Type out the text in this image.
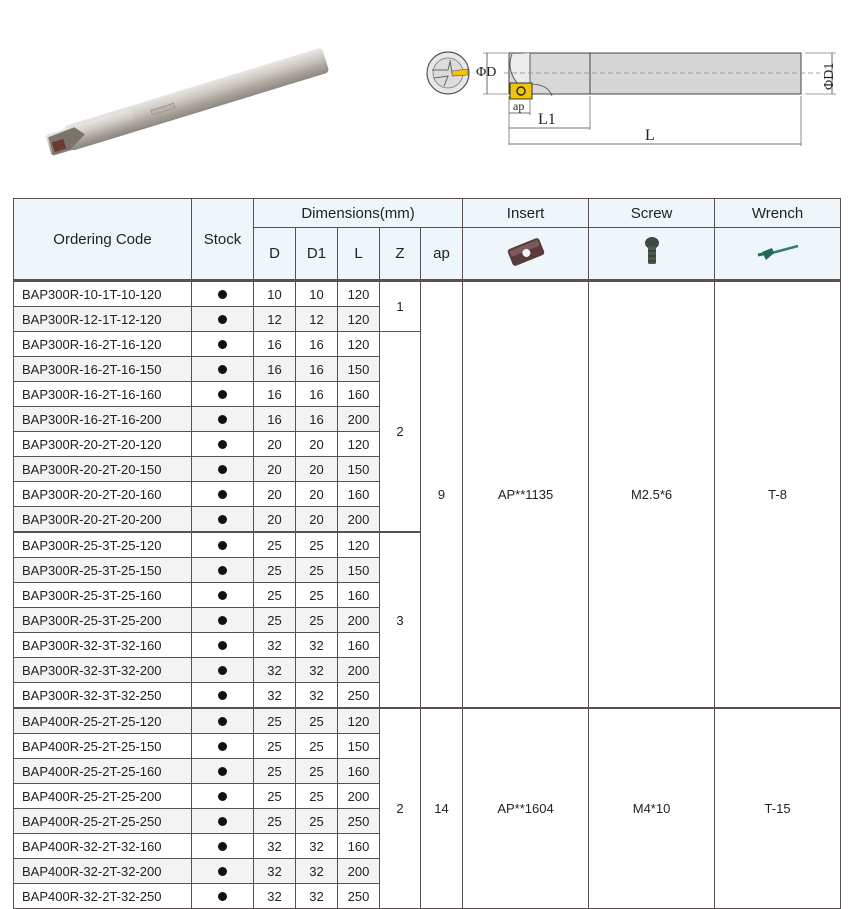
ΦD	ΦD1
ap
L1
L
Ordering Code	Stock	Dimensions(mm)					Insert	Screw	Wrench
		D	D1	L	Z	ap			
BAP300R-10-1T-10-120		10	10	120	1	9	AP**1135	M2.5*6	T-8
BAP300R-12-1T-12-120		12	12	120					
BAP300R-16-2T-16-120		16	16	120	2				
BAP300R-16-2T-16-150		16	16	150					
BAP300R-16-2T-16-160		16	16	160					
BAP300R-16-2T-16-200		16	16	200					
BAP300R-20-2T-20-120		20	20	120					
BAP300R-20-2T-20-150		20	20	150					
BAP300R-20-2T-20-160		20	20	160					
BAP300R-20-2T-20-200		20	20	200					
BAP300R-25-3T-25-120		25	25	120	3				
BAP300R-25-3T-25-150		25	25	150					
BAP300R-25-3T-25-160		25	25	160					
BAP300R-25-3T-25-200		25	25	200					
BAP300R-32-3T-32-160		32	32	160					
BAP300R-32-3T-32-200		32	32	200					
BAP300R-32-3T-32-250		32	32	250					
BAP400R-25-2T-25-120		25	25	120	2	14	AP**1604	M4*10	T-15
BAP400R-25-2T-25-150		25	25	150					
BAP400R-25-2T-25-160		25	25	160					
BAP400R-25-2T-25-200		25	25	200					
BAP400R-25-2T-25-250		25	25	250					
BAP400R-32-2T-32-160		32	32	160					
BAP400R-32-2T-32-200		32	32	200					
BAP400R-32-2T-32-250		32	32	250					
